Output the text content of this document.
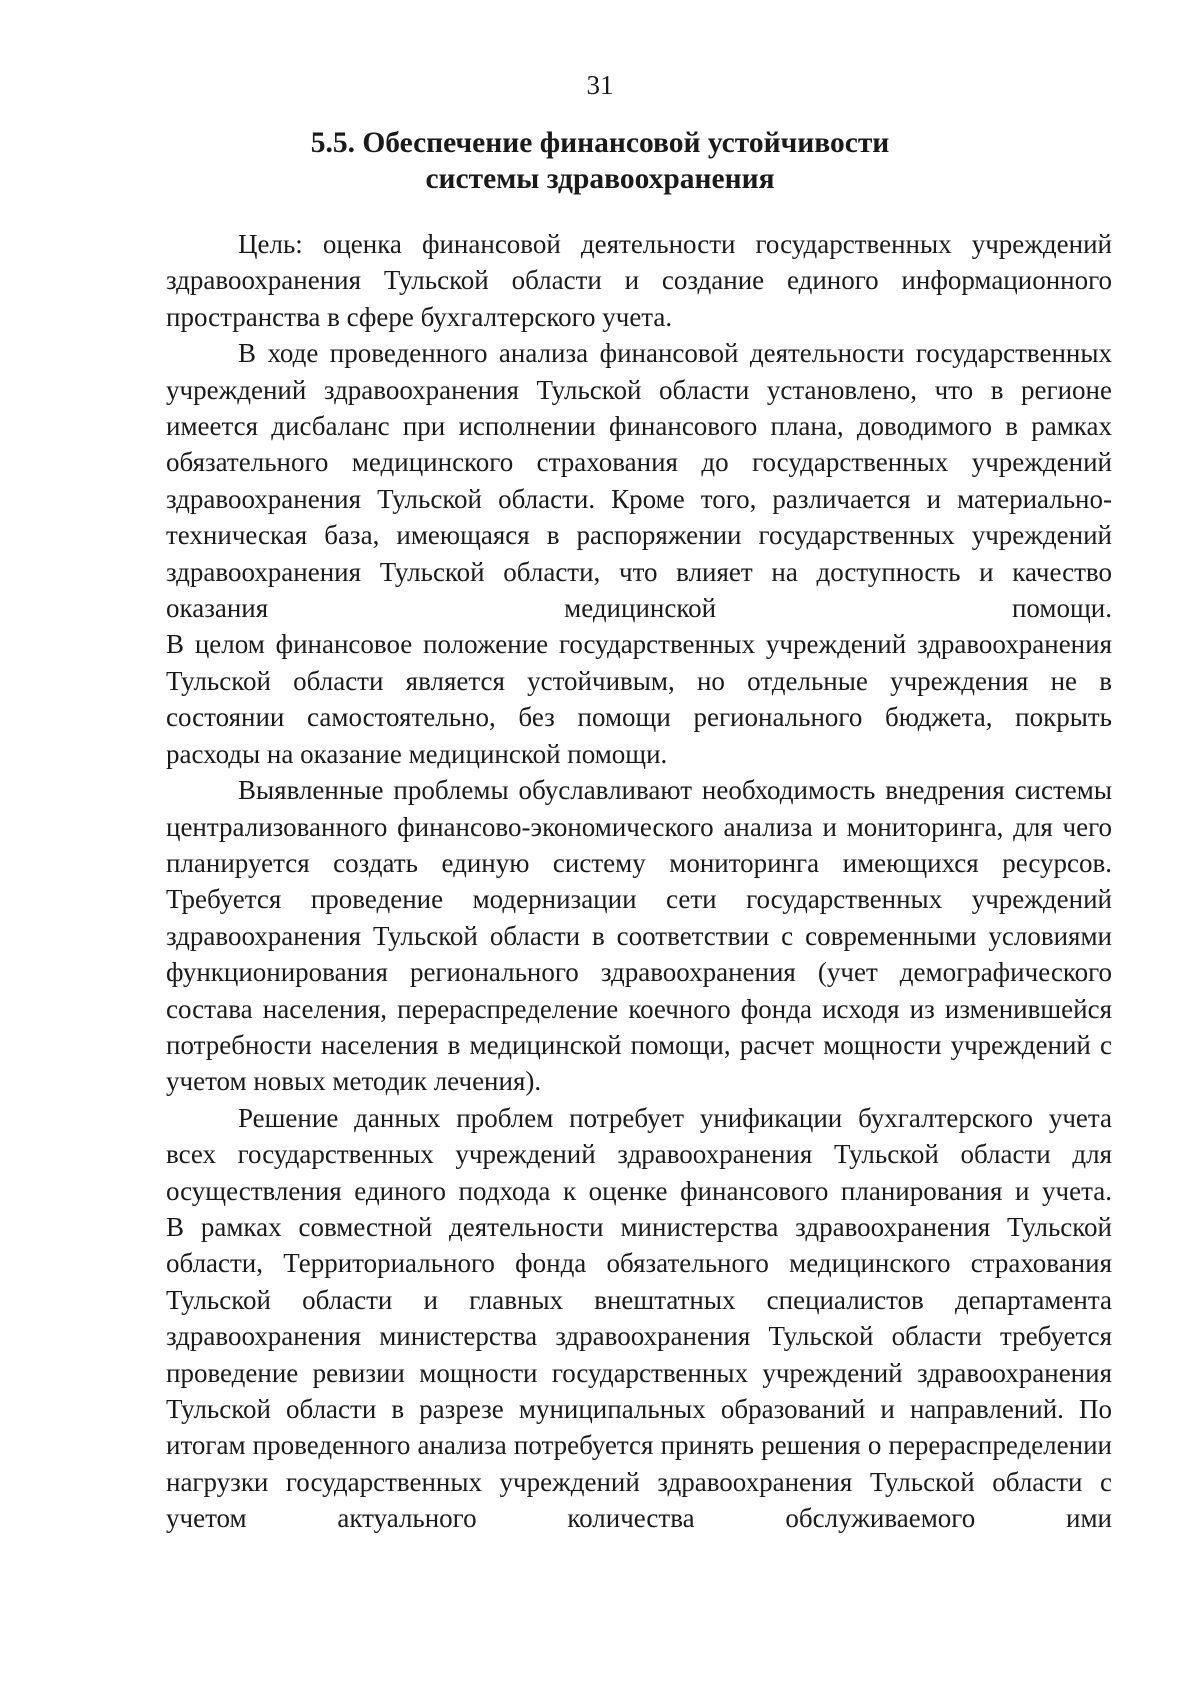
31
5.5. Обеспечение финансовой устойчивости
системы здравоохранения

Цель: оценка финансовой деятельности государственных учреждений здравоохранения Тульской области и создание единого информационного пространства в сфере бухгалтерского учета.

В ходе проведенного анализа финансовой деятельности государственных учреждений здравоохранения Тульской области установлено, что в регионе имеется дисбаланс при исполнении финансового плана, доводимого в рамках обязательного медицинского страхования до государственных учреждений здравоохранения Тульской области. Кроме того, различается и материально-техническая база, имеющаяся в распоряжении государственных учреждений здравоохранения Тульской области, что влияет на доступность и качество оказания медицинской помощи.

В целом финансовое положение государственных учреждений здравоохранения Тульской области является устойчивым, но отдельные учреждения не в состоянии самостоятельно, без помощи регионального бюджета, покрыть расходы на оказание медицинской помощи.

Выявленные проблемы обуславливают необходимость внедрения системы централизованного финансово-экономического анализа и мониторинга, для чего планируется создать единую систему мониторинга имеющихся ресурсов. Требуется проведение модернизации сети государственных учреждений здравоохранения Тульской области в соответствии с современными условиями функционирования регионального здравоохранения (учет демографического состава населения, перераспределение коечного фонда исходя из изменившейся потребности населения в медицинской помощи, расчет мощности учреждений с учетом новых методик лечения).

Решение данных проблем потребует унификации бухгалтерского учета всех государственных учреждений здравоохранения Тульской области для осуществления единого подхода к оценке финансового планирования и учета.

В рамках совместной деятельности министерства здравоохранения Тульской области, Территориального фонда обязательного медицинского страхования Тульской области и главных внештатных специалистов департамента здравоохранения министерства здравоохранения Тульской области требуется проведение ревизии мощности государственных учреждений здравоохранения Тульской области в разрезе муниципальных образований и направлений. По итогам проведенного анализа потребуется принять решения о перераспределении нагрузки государственных учреждений здравоохранения Тульской области с учетом актуального количества обслуживаемого ими
